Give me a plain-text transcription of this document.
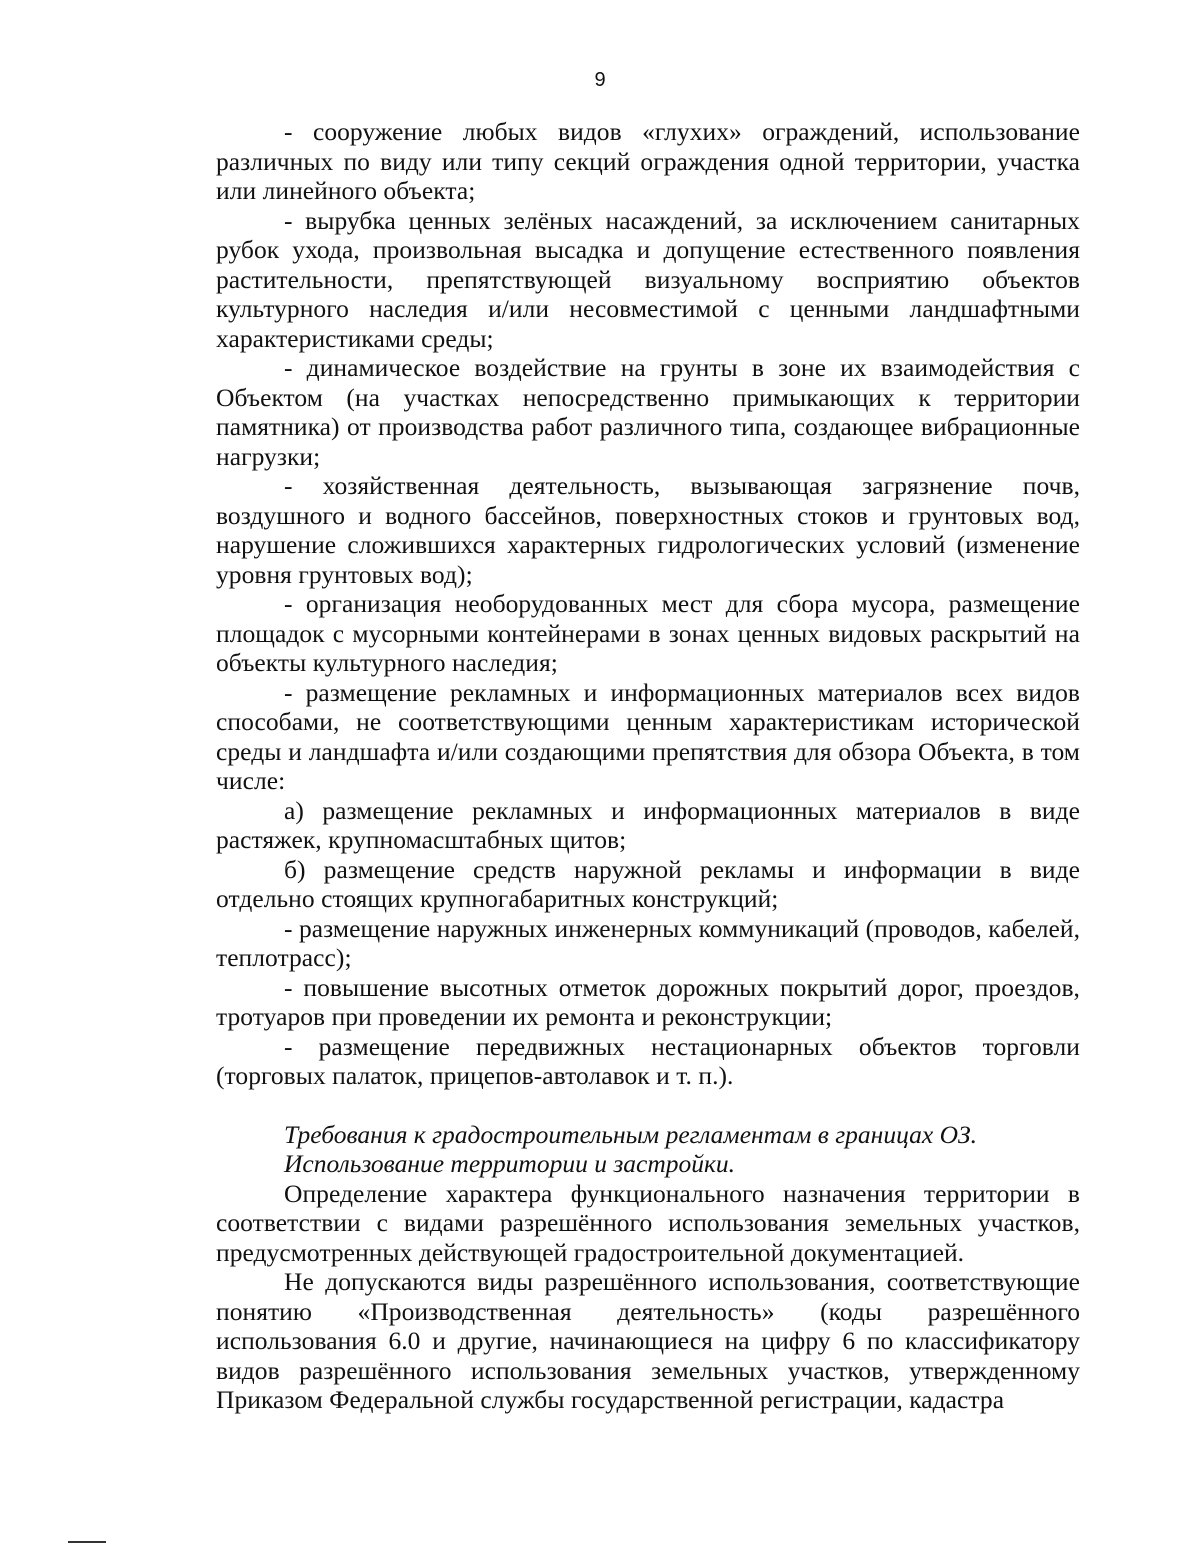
9

- сооружение любых видов «глухих» ограждений, использование различных по виду или типу секций ограждения одной территории, участка или линейного объекта;

- вырубка ценных зелёных насаждений, за исключением санитарных рубок ухода, произвольная высадка и допущение естественного появления растительности, препятствующей визуальному восприятию объектов культурного наследия и/или несовместимой с ценными ландшафтными характеристиками среды;

- динамическое воздействие на грунты в зоне их взаимодействия с Объектом (на участках непосредственно примыкающих к территории памятника) от производства работ различного типа, создающее вибрационные нагрузки;

- хозяйственная деятельность, вызывающая загрязнение почв, воздушного и водного бассейнов, поверхностных стоков и грунтовых вод, нарушение сложившихся характерных гидрологических условий (изменение уровня грунтовых вод);

- организация необорудованных мест для сбора мусора, размещение площадок с мусорными контейнерами в зонах ценных видовых раскрытий на объекты культурного наследия;

- размещение рекламных и информационных материалов всех видов способами, не соответствующими ценным характеристикам исторической среды и ландшафта и/или создающими препятствия для обзора Объекта, в том числе:

а) размещение рекламных и информационных материалов в виде растяжек, крупномасштабных щитов;

б) размещение средств наружной рекламы и информации в виде отдельно стоящих крупногабаритных конструкций;

- размещение наружных инженерных коммуникаций (проводов, кабелей, теплотрасс);

- повышение высотных отметок дорожных покрытий дорог, проездов, тротуаров при проведении их ремонта и реконструкции;

- размещение передвижных нестационарных объектов торговли (торговых палаток, прицепов-автолавок и т. п.).

Требования к градостроительным регламентам в границах ОЗ.

Использование территории и застройки.

Определение характера функционального назначения территории в соответствии с видами разрешённого использования земельных участков, предусмотренных действующей градостроительной документацией.

Не допускаются виды разрешённого использования, соответствующие понятию «Производственная деятельность» (коды разрешённого использования 6.0 и другие, начинающиеся на цифру 6 по классификатору видов разрешённого использования земельных участков, утвержденному Приказом Федеральной службы государственной регистрации, кадастра
